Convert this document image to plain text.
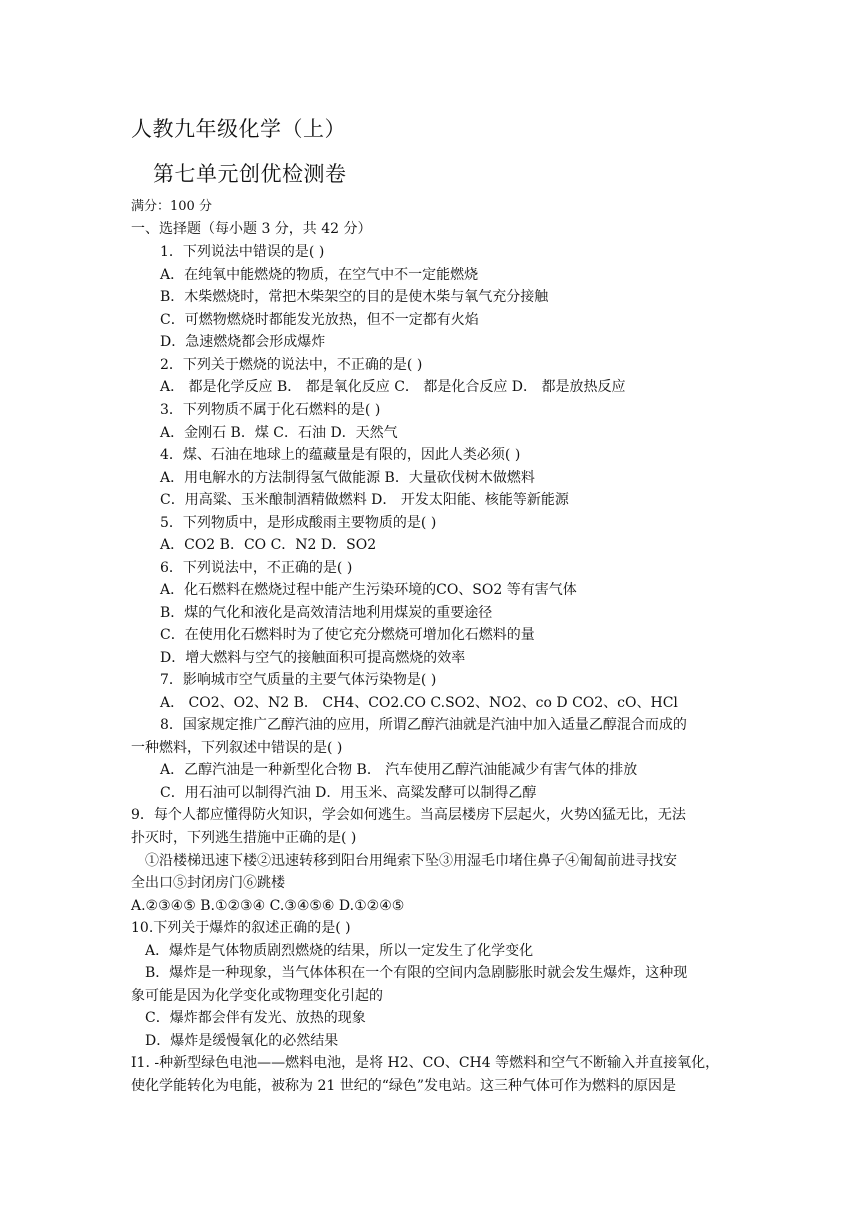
人教九年级化学（上）
第七单元创优检测卷
满分：100 分
一、选择题（每小题 3 分，共 42 分）
1．下列说法中错误的是( )
A．在纯氧中能燃烧的物质，在空气中不一定能燃烧
B．木柴燃烧时，常把木柴架空的目的是使木柴与氧气充分接触
C．可燃物燃烧时都能发光放热，但不一定都有火焰
D．急速燃烧都会形成爆炸
2．下列关于燃烧的说法中，不正确的是( )
A． 都是化学反应 B． 都是氧化反应 C． 都是化合反应 D． 都是放热反应
3．下列物质不属于化石燃料的是( )
A．金刚石 B．煤 C．石油 D．天然气
4．煤、石油在地球上的蕴藏量是有限的，因此人类必须( )
A．用电解水的方法制得氢气做能源 B．大量砍伐树木做燃料
C．用高粱、玉米酿制酒精做燃料 D． 开发太阳能、核能等新能源
5．下列物质中，是形成酸雨主要物质的是( )
A．CO2 B．CO C．N2 D．SO2
6．下列说法中，不正确的是( )
A．化石燃料在燃烧过程中能产生污染环境的CO、SO2 等有害气体
B．煤的气化和液化是高效清洁地利用煤炭的重要途径
C．在使用化石燃料时为了使它充分燃烧可增加化石燃料的量
D．增大燃料与空气的接触面积可提高燃烧的效率
7．影响城市空气质量的主要气体污染物是( )
A． CO2、O2、N2 B． CH4、CO2.CO C.SO2、NO2、co D CO2、cO、HCl
8．国家规定推广乙醇汽油的应用，所谓乙醇汽油就是汽油中加入适量乙醇混合而成的
一种燃料，下列叙述中错误的是( )
A．乙醇汽油是一种新型化合物 B． 汽车使用乙醇汽油能减少有害气体的排放
C．用石油可以制得汽油 D．用玉米、高粱发酵可以制得乙醇
9．每个人都应懂得防火知识，学会如何逃生。当高层楼房下层起火，火势凶猛无比，无法
扑灭时，下列逃生措施中正确的是( )
①沿楼梯迅速下楼②迅速转移到阳台用绳索下坠③用湿毛巾堵住鼻子④匍匐前进寻找安
全出口⑤封闭房门⑥跳楼
A.②③④⑤ B.①②③④ C.③④⑤⑥ D.①②④⑤
10.下列关于爆炸的叙述正确的是( )
A．爆炸是气体物质剧烈燃烧的结果，所以一定发生了化学变化
B．爆炸是一种现象，当气体体积在一个有限的空间内急剧膨胀时就会发生爆炸，这种现
象可能是因为化学变化或物理变化引起的
C．爆炸都会伴有发光、放热的现象
D．爆炸是缓慢氧化的必然结果
I1. -种新型绿色电池——燃料电池，是将 H2、CO、CH4 等燃料和空气不断输入并直接氧化，
使化学能转化为电能，被称为 21 世纪的“绿色”发电站。这三种气体可作为燃料的原因是
